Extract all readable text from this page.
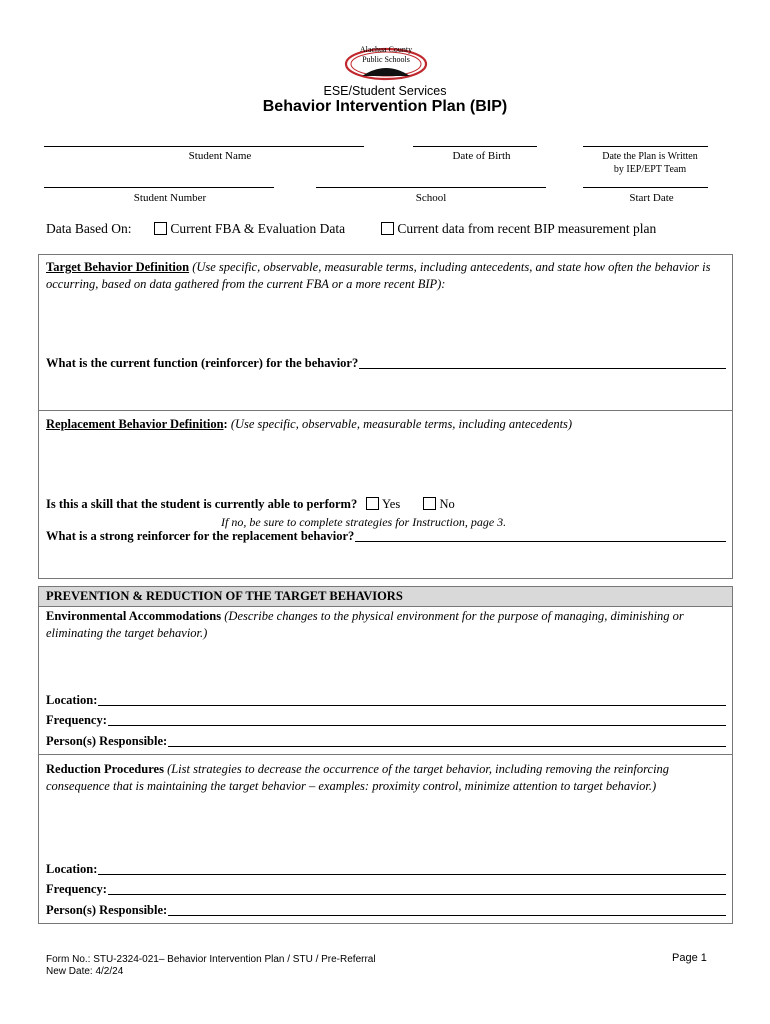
Alachua County
Public Schools
ESE/Student Services
Behavior Intervention Plan (BIP)
Student Name	Date of Birth	Date the Plan is Written
by IEP/EPT Team
Student Number	School	Start Date
Data Based On:	Current FBA & Evaluation Data	Current data from recent BIP measurement plan
Target Behavior Definition (Use specific, observable, measurable terms, including antecedents, and state how often the behavior is occurring, based on data gathered from the current FBA or a more recent BIP):
What is the current function (reinforcer) for the behavior?
Replacement Behavior Definition: (Use specific, observable, measurable terms, including antecedents)
Is this a skill that the student is currently able to perform? Yes	No
If no, be sure to complete strategies for Instruction, page 3.
What is a strong reinforcer for the replacement behavior?
PREVENTION & REDUCTION OF THE TARGET BEHAVIORS
Environmental Accommodations (Describe changes to the physical environment for the purpose of managing, diminishing or eliminating the target behavior.)
Location:
Frequency:
Person(s) Responsible:
Reduction Procedures (List strategies to decrease the occurrence of the target behavior, including removing the reinforcing consequence that is maintaining the target behavior – examples: proximity control, minimize attention to target behavior.)
Location:
Frequency:
Person(s) Responsible:
Form No.: STU-2324-021– Behavior Intervention Plan / STU / Pre-Referral
New Date: 4/2/24
Page 1
